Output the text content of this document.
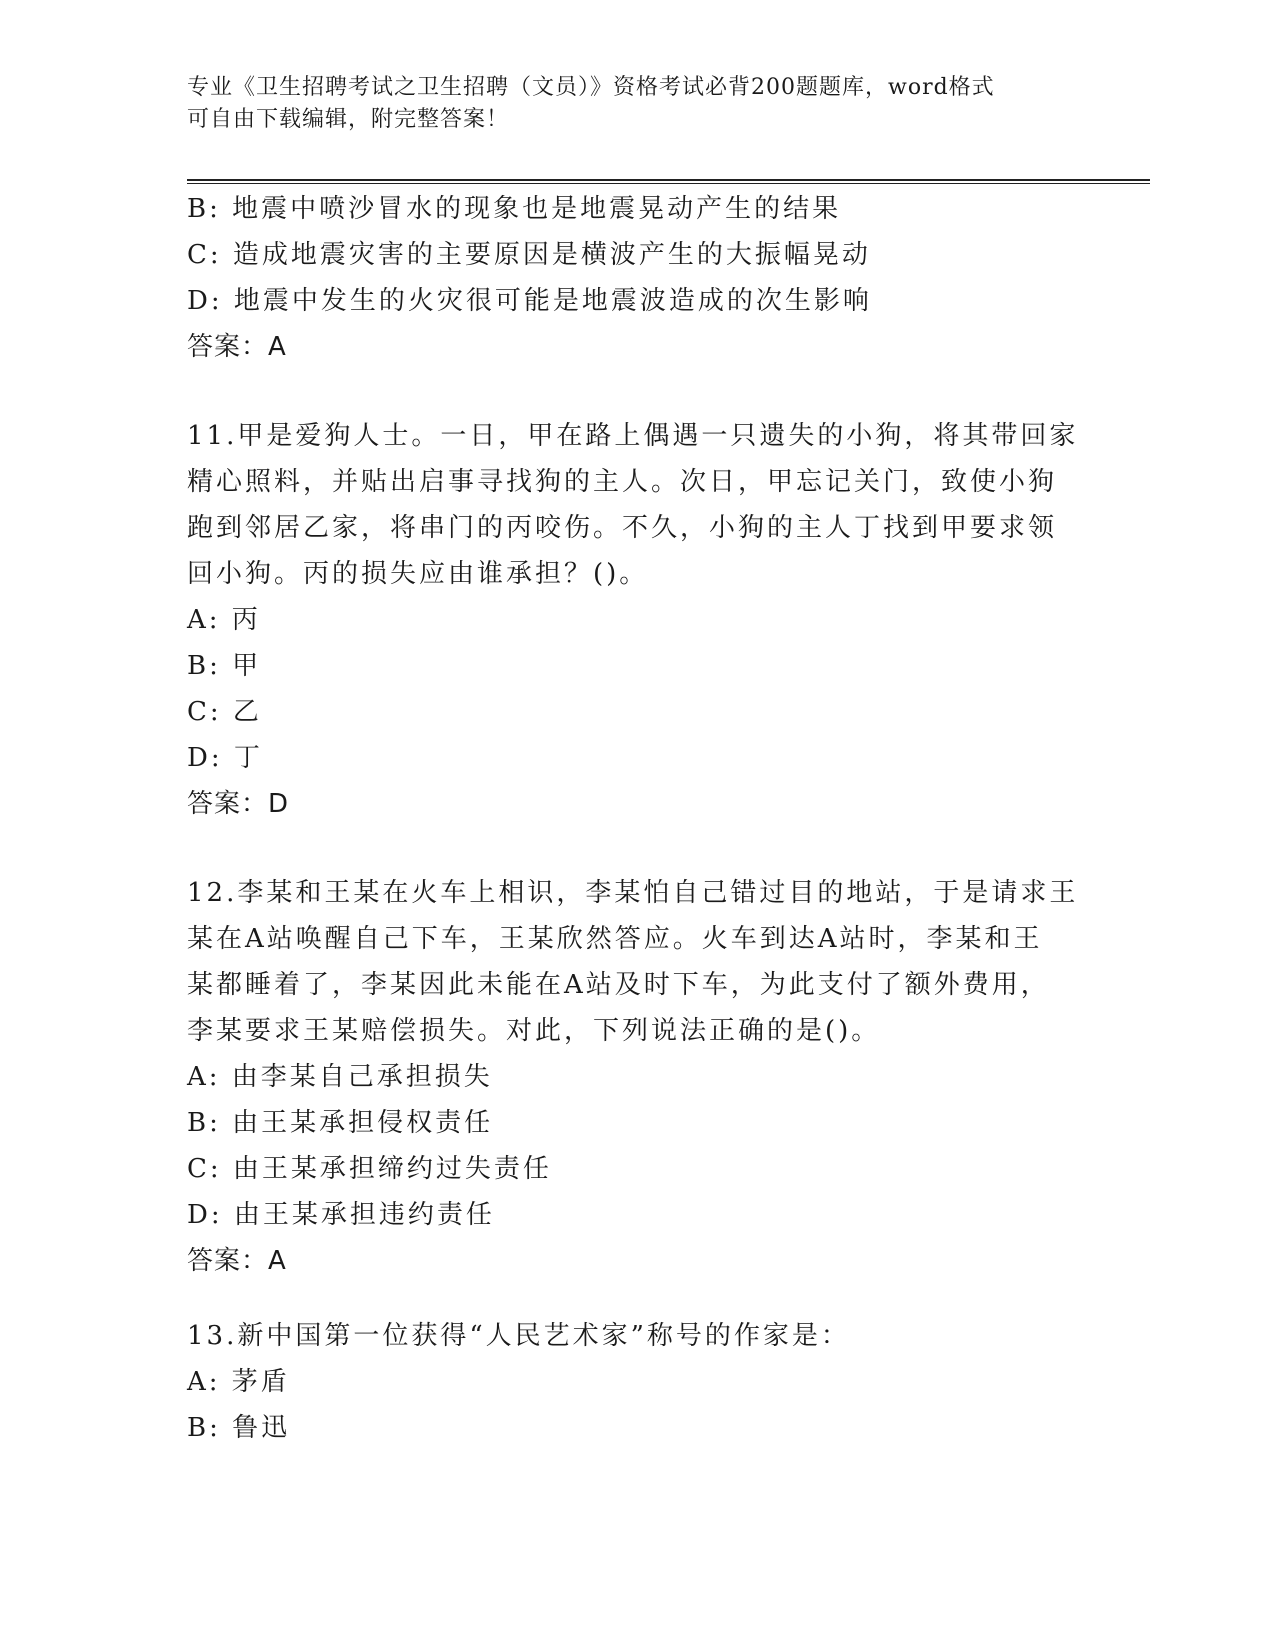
专业《卫生招聘考试之卫生招聘（文员）》资格考试必背200题题库，word格式
可自由下载编辑，附完整答案！
B: 地震中喷沙冒水的现象也是地震晃动产生的结果
C: 造成地震灾害的主要原因是横波产生的大振幅晃动
D: 地震中发生的火灾很可能是地震波造成的次生影响
答案：A
11.甲是爱狗人士。一日，甲在路上偶遇一只遗失的小狗，将其带回家
精心照料，并贴出启事寻找狗的主人。次日，甲忘记关门，致使小狗
跑到邻居乙家，将串门的丙咬伤。不久，小狗的主人丁找到甲要求领
回小狗。丙的损失应由谁承担？()。
A: 丙
B: 甲
C: 乙
D: 丁
答案：D
12.李某和王某在火车上相识，李某怕自己错过目的地站，于是请求王
某在A站唤醒自己下车，王某欣然答应。火车到达A站时，李某和王
某都睡着了，李某因此未能在A站及时下车，为此支付了额外费用，
李某要求王某赔偿损失。对此，下列说法正确的是()。
A: 由李某自己承担损失
B: 由王某承担侵权责任
C: 由王某承担缔约过失责任
D: 由王某承担违约责任
答案：A
13.新中国第一位获得“人民艺术家”称号的作家是：
A: 茅盾
B: 鲁迅
